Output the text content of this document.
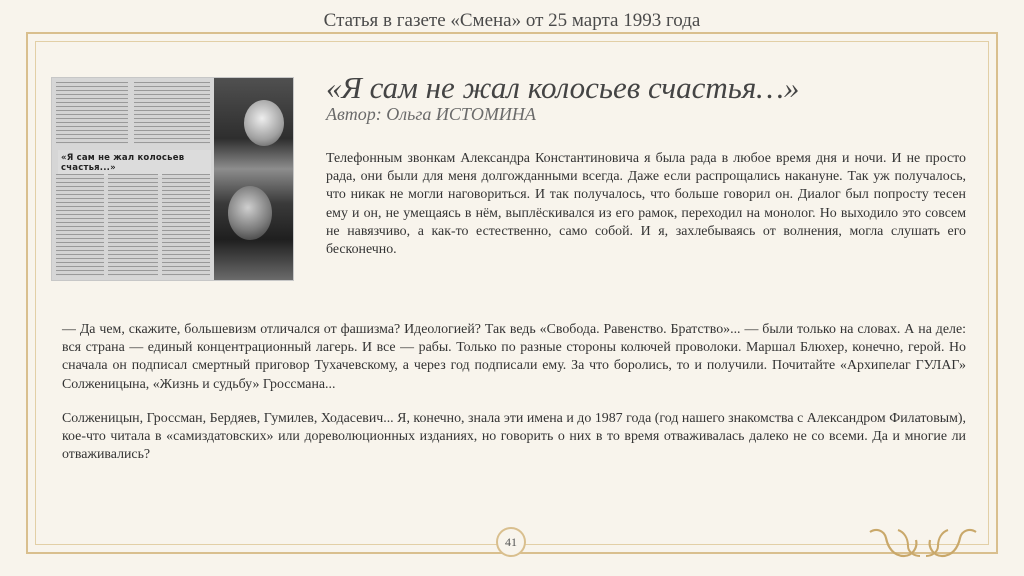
Статья в газете «Смена» от 25 марта 1993 года
«Я сам не жал колосьев счастья...»
«Я сам не жал колосьев счастья…»
Автор: Ольга ИСТОМИНА
Телефонным звонкам Александра Константиновича я была рада в любое время дня и ночи. И не просто рада, они были для меня долгожданными всегда. Даже если распрощались накануне. Так уж получалось, что никак не могли наговориться. И так получалось, что больше говорил он. Диалог был попросту тесен ему и он, не умещаясь в нём, выплёскивался из его рамок, переходил на монолог. Но выходило это совсем не навязчиво, а как-то естественно, само собой. И я, захлебываясь от волнения, могла слушать его бесконечно.
— Да чем, скажите, большевизм отличался от фашизма? Идеологией? Так ведь «Свобода. Равенство. Братство»... — были только на словах. А на деле: вся страна — единый концентрационный лагерь. И все — рабы. Только по разные стороны колючей проволоки. Маршал Блюхер, конечно, герой. Но сначала он подписал смертный приговор Тухачевскому, а через год подписали ему. За что боролись, то и получили. Почитайте «Архипелаг ГУЛАГ» Солженицына, «Жизнь и судьбу» Гроссмана...
Солженицын, Гроссман, Бердяев, Гумилев, Ходасевич... Я, конечно, знала эти имена и до 1987 года (год нашего знакомства с Александром Филатовым), кое-что читала в «самиздатовских» или дореволюционных изданиях, но говорить о них в то время отваживалась далеко не со всеми. Да и многие ли отваживались?
41
